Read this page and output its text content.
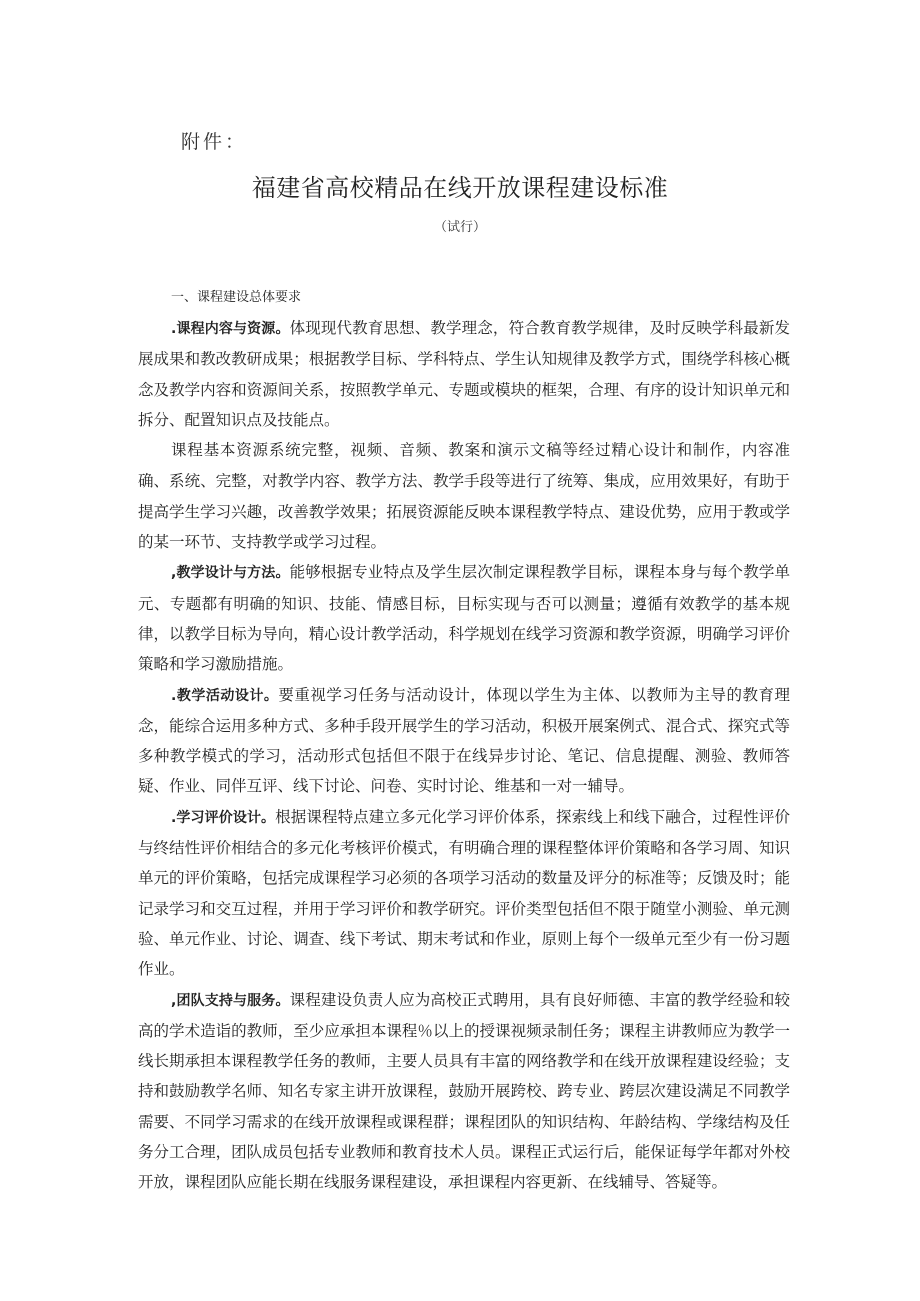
附件：
福建省高校精品在线开放课程建设标准
（试行）
一、课程建设总体要求

.课程内容与资源。体现现代教育思想、教学理念，符合教育教学规律，及时反映学科最新发展成果和教改教研成果；根据教学目标、学科特点、学生认知规律及教学方式，围绕学科核心概念及教学内容和资源间关系，按照教学单元、专题或模块的框架，合理、有序的设计知识单元和拆分、配置知识点及技能点。

课程基本资源系统完整，视频、音频、教案和演示文稿等经过精心设计和制作，内容准确、系统、完整，对教学内容、教学方法、教学手段等进行了统筹、集成，应用效果好，有助于提高学生学习兴趣，改善教学效果；拓展资源能反映本课程教学特点、建设优势，应用于教或学的某一环节、支持教学或学习过程。

,教学设计与方法。能够根据专业特点及学生层次制定课程教学目标，课程本身与每个教学单元、专题都有明确的知识、技能、情感目标，目标实现与否可以测量；遵循有效教学的基本规律，以教学目标为导向，精心设计教学活动，科学规划在线学习资源和教学资源，明确学习评价策略和学习激励措施。

.教学活动设计。要重视学习任务与活动设计，体现以学生为主体、以教师为主导的教育理念，能综合运用多种方式、多种手段开展学生的学习活动，积极开展案例式、混合式、探究式等多种教学模式的学习，活动形式包括但不限于在线异步讨论、笔记、信息提醒、测验、教师答疑、作业、同伴互评、线下讨论、问卷、实时讨论、维基和一对一辅导。

.学习评价设计。根据课程特点建立多元化学习评价体系，探索线上和线下融合，过程性评价与终结性评价相结合的多元化考核评价模式，有明确合理的课程整体评价策略和各学习周、知识单元的评价策略，包括完成课程学习必须的各项学习活动的数量及评分的标准等；反馈及时；能记录学习和交互过程，并用于学习评价和教学研究。评价类型包括但不限于随堂小测验、单元测验、单元作业、讨论、调查、线下考试、期末考试和作业，原则上每个一级单元至少有一份习题作业。

,团队支持与服务。课程建设负责人应为高校正式聘用，具有良好师德、丰富的教学经验和较高的学术造诣的教师，至少应承担本课程％以上的授课视频录制任务；课程主讲教师应为教学一线长期承担本课程教学任务的教师，主要人员具有丰富的网络教学和在线开放课程建设经验；支持和鼓励教学名师、知名专家主讲开放课程，鼓励开展跨校、跨专业、跨层次建设满足不同教学需要、不同学习需求的在线开放课程或课程群；课程团队的知识结构、年龄结构、学缘结构及任务分工合理，团队成员包括专业教师和教育技术人员。课程正式运行后，能保证每学年都对外校开放，课程团队应能长期在线服务课程建设，承担课程内容更新、在线辅导、答疑等。
